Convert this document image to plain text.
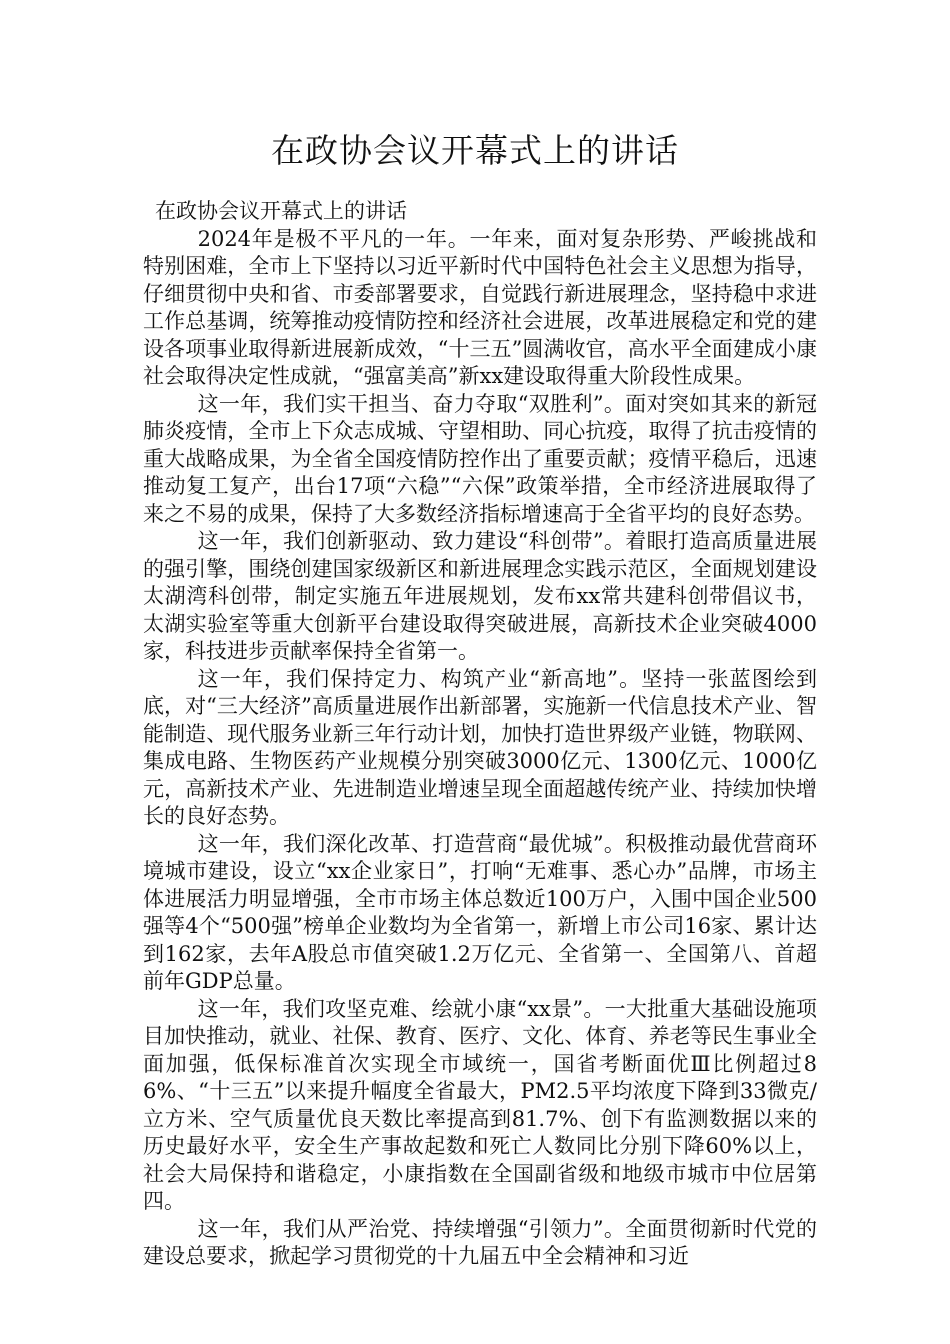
在政协会议开幕式上的讲话

在政协会议开幕式上的讲话

2024年是极不平凡的一年。一年来，面对复杂形势、严峻挑战和特别困难，全市上下坚持以习近平新时代中国特色社会主义思想为指导，仔细贯彻中央和省、市委部署要求，自觉践行新进展理念，坚持稳中求进工作总基调，统筹推动疫情防控和经济社会进展，改革进展稳定和党的建设各项事业取得新进展新成效，“十三五”圆满收官，高水平全面建成小康社会取得决定性成就，“强富美高”新xx建设取得重大阶段性成果。

这一年，我们实干担当、奋力夺取“双胜利”。面对突如其来的新冠肺炎疫情，全市上下众志成城、守望相助、同心抗疫，取得了抗击疫情的重大战略成果，为全省全国疫情防控作出了重要贡献；疫情平稳后，迅速推动复工复产，出台17项“六稳”“六保”政策举措，全市经济进展取得了来之不易的成果，保持了大多数经济指标增速高于全省平均的良好态势。

这一年，我们创新驱动、致力建设“科创带”。着眼打造高质量进展的强引擎，围绕创建国家级新区和新进展理念实践示范区，全面规划建设太湖湾科创带，制定实施五年进展规划，发布xx常共建科创带倡议书，太湖实验室等重大创新平台建设取得突破进展，高新技术企业突破4000家，科技进步贡献率保持全省第一。

这一年，我们保持定力、构筑产业“新高地”。坚持一张蓝图绘到底，对“三大经济”高质量进展作出新部署，实施新一代信息技术产业、智能制造、现代服务业新三年行动计划，加快打造世界级产业链，物联网、集成电路、生物医药产业规模分别突破3000亿元、1300亿元、1000亿元，高新技术产业、先进制造业增速呈现全面超越传统产业、持续加快增长的良好态势。

这一年，我们深化改革、打造营商“最优城”。积极推动最优营商环境城市建设，设立“xx企业家日”，打响“无难事、悉心办”品牌，市场主体进展活力明显增强，全市市场主体总数近100万户，入围中国企业500强等4个“500强”榜单企业数均为全省第一，新增上市公司16家、累计达到162家，去年A股总市值突破1.2万亿元、全省第一、全国第八、首超前年GDP总量。

这一年，我们攻坚克难、绘就小康“xx景”。一大批重大基础设施项目加快推动，就业、社保、教育、医疗、文化、体育、养老等民生事业全面加强，低保标准首次实现全市域统一，国省考断面优Ⅲ比例超过86%、“十三五”以来提升幅度全省最大，PM2.5平均浓度下降到33微克/立方米、空气质量优良天数比率提高到81.7%、创下有监测数据以来的历史最好水平，安全生产事故起数和死亡人数同比分别下降60%以上，社会大局保持和谐稳定，小康指数在全国副省级和地级市城市中位居第四。

这一年，我们从严治党、持续增强“引领力”。全面贯彻新时代党的建设总要求，掀起学习贯彻党的十九届五中全会精神和习近
